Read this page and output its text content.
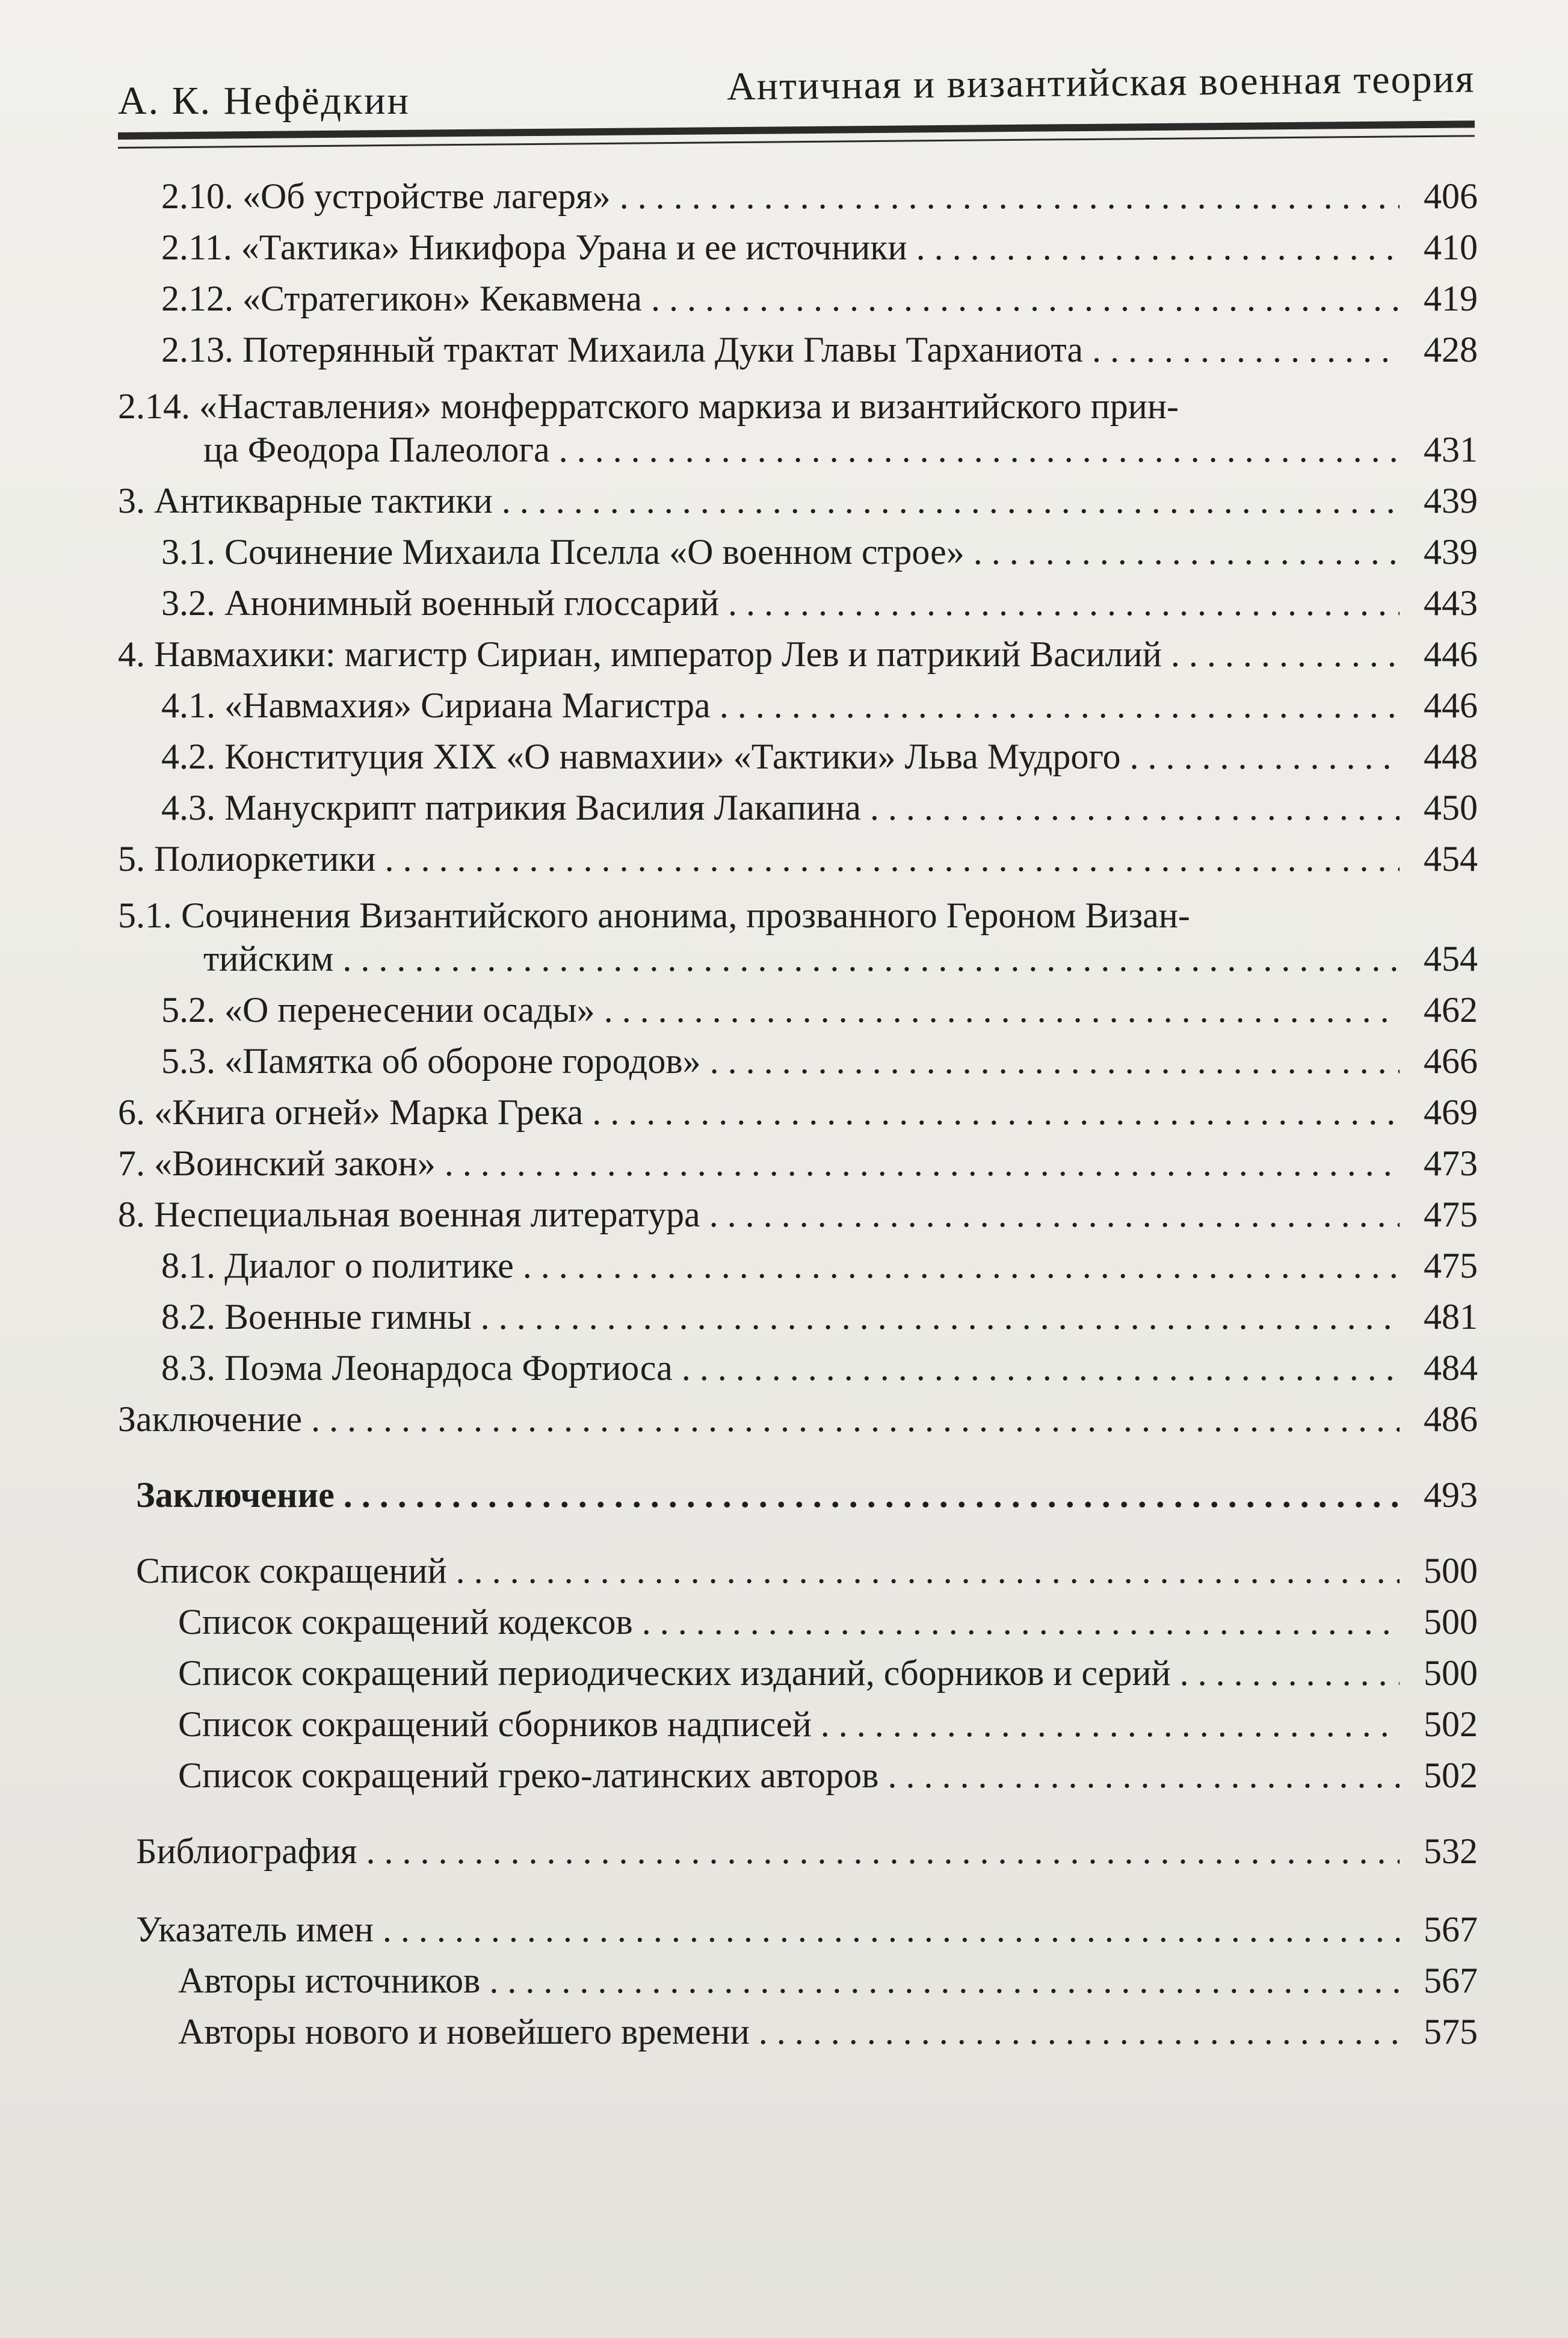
А. К. Нефёдкин	Античная и византийская военная теория
2.10. «Об устройстве лагеря» . . .	406
2.11. «Тактика» Никифора Урана и ее источники . . .	410
2.12. «Стратегикон» Кекавмена . . .	419
2.13. Потерянный трактат Михаила Дуки Главы Тарханиота . . .	428
2.14. «Наставления» монферратского маркиза и византийского прин-
ца Феодора Палеолога . . .	431
3. Антикварные тактики . . .	439
3.1. Сочинение Михаила Пселла «О военном строе» . . .	439
3.2. Анонимный военный глоссарий . . .	443
4. Навмахики: магистр Сириан, император Лев и патрикий Василий . . .	446
4.1. «Навмахия» Сириана Магистра . . .	446
4.2. Конституция XIX «О навмахии» «Тактики» Льва Мудрого . . .	448
4.3. Манускрипт патрикия Василия Лакапина . . .	450
5. Полиоркетики . . .	454
5.1. Сочинения Византийского анонима, прозванного Героном Визан-
тийским . . .	454
5.2. «О перенесении осады» . . .	462
5.3. «Памятка об обороне городов» . . .	466
6. «Книга огней» Марка Грека . . .	469
7. «Воинский закон» . . .	473
8. Неспециальная военная литература . . .	475
8.1. Диалог о политике . . .	475
8.2. Военные гимны . . .	481
8.3. Поэма Леонардоса Фортиоса . . .	484
Заключение . . .	486
Заключение . . .	493
Список сокращений . . .	500
Список сокращений кодексов . . .	500
Список сокращений периодических изданий, сборников и серий . . .	500
Список сокращений сборников надписей . . .	502
Список сокращений греко-латинских авторов . . .	502
Библиография . . .	532
Указатель имен . . .	567
Авторы источников . . .	567
Авторы нового и новейшего времени . . .	575
